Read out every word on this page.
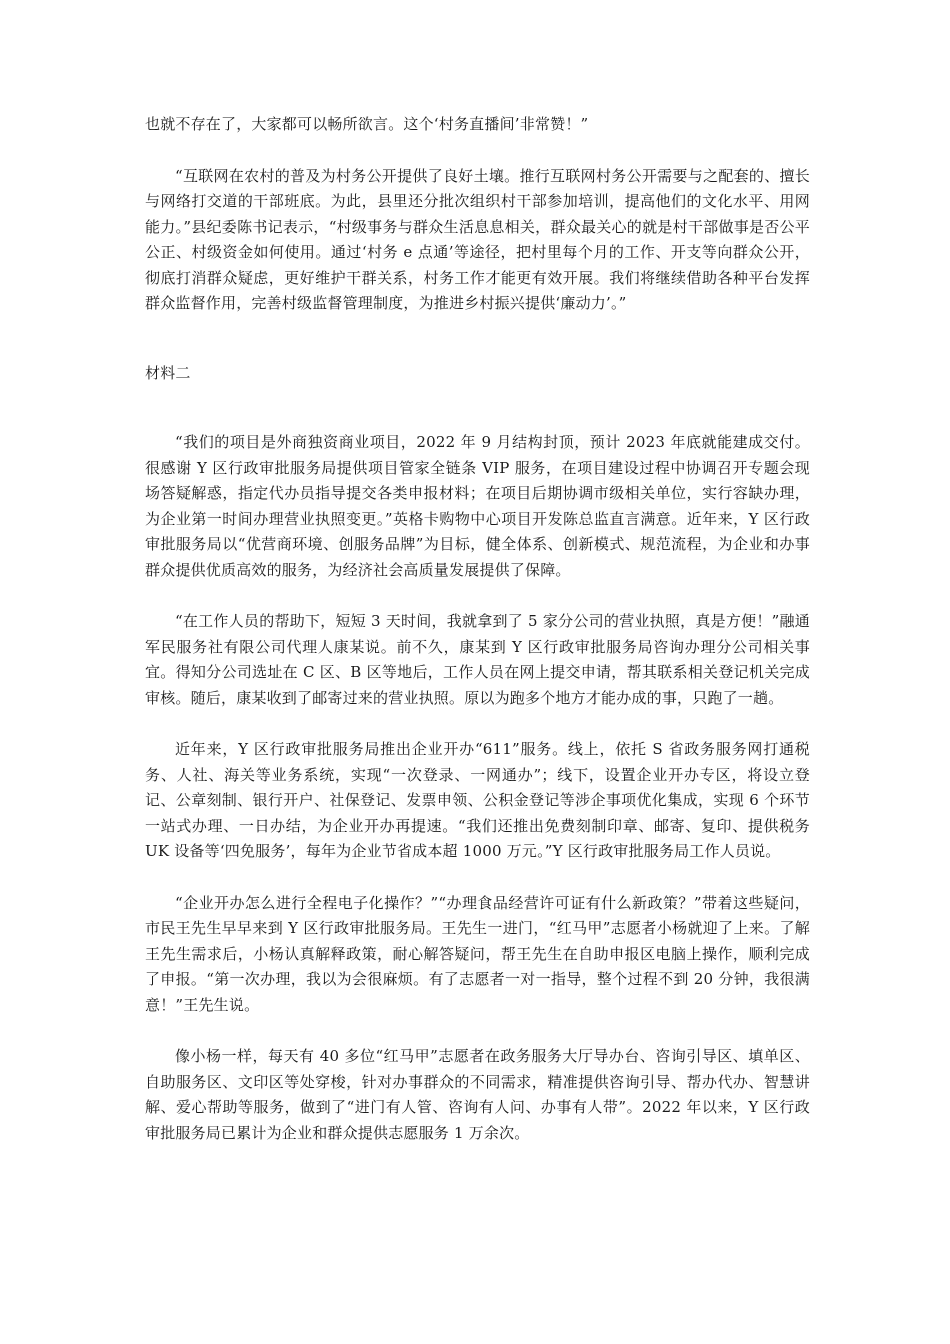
也就不存在了，大家都可以畅所欲言。这个‘村务直播间’非常赞！”

“互联网在农村的普及为村务公开提供了良好土壤。推行互联网村务公开需要与之配套的、擅长与网络打交道的干部班底。为此，县里还分批次组织村干部参加培训，提高他们的文化水平、用网能力。”县纪委陈书记表示，“村级事务与群众生活息息相关，群众最关心的就是村干部做事是否公平公正、村级资金如何使用。通过‘村务 e 点通’等途径，把村里每个月的工作、开支等向群众公开，彻底打消群众疑虑，更好维护干群关系，村务工作才能更有效开展。我们将继续借助各种平台发挥群众监督作用，完善村级监督管理制度，为推进乡村振兴提供‘廉动力’。”

材料二

“我们的项目是外商独资商业项目，2022 年 9 月结构封顶，预计 2023 年底就能建成交付。很感谢 Y 区行政审批服务局提供项目管家全链条 VIP 服务，在项目建设过程中协调召开专题会现场答疑解惑，指定代办员指导提交各类申报材料；在项目后期协调市级相关单位，实行容缺办理，为企业第一时间办理营业执照变更。”英格卡购物中心项目开发陈总监直言满意。近年来，Y 区行政审批服务局以“优营商环境、创服务品牌”为目标，健全体系、创新模式、规范流程，为企业和办事群众提供优质高效的服务，为经济社会高质量发展提供了保障。

“在工作人员的帮助下，短短 3 天时间，我就拿到了 5 家分公司的营业执照，真是方便！”融通军民服务社有限公司代理人康某说。前不久，康某到 Y 区行政审批服务局咨询办理分公司相关事宜。得知分公司选址在 C 区、B 区等地后，工作人员在网上提交申请，帮其联系相关登记机关完成审核。随后，康某收到了邮寄过来的营业执照。原以为跑多个地方才能办成的事，只跑了一趟。

近年来，Y 区行政审批服务局推出企业开办“611”服务。线上，依托 S 省政务服务网打通税务、人社、海关等业务系统，实现“一次登录、一网通办”；线下，设置企业开办专区，将设立登记、公章刻制、银行开户、社保登记、发票申领、公积金登记等涉企事项优化集成，实现 6 个环节一站式办理、一日办结，为企业开办再提速。“我们还推出免费刻制印章、邮寄、复印、提供税务 UK 设备等‘四免服务’，每年为企业节省成本超 1000 万元。”Y 区行政审批服务局工作人员说。

“企业开办怎么进行全程电子化操作？”“办理食品经营许可证有什么新政策？”带着这些疑问，市民王先生早早来到 Y 区行政审批服务局。王先生一进门，“红马甲”志愿者小杨就迎了上来。了解王先生需求后，小杨认真解释政策，耐心解答疑问，帮王先生在自助申报区电脑上操作，顺利完成了申报。“第一次办理，我以为会很麻烦。有了志愿者一对一指导，整个过程不到 20 分钟，我很满意！”王先生说。

像小杨一样，每天有 40 多位“红马甲”志愿者在政务服务大厅导办台、咨询引导区、填单区、自助服务区、文印区等处穿梭，针对办事群众的不同需求，精准提供咨询引导、帮办代办、智慧讲解、爱心帮助等服务，做到了“进门有人管、咨询有人问、办事有人带”。2022 年以来，Y 区行政审批服务局已累计为企业和群众提供志愿服务 1 万余次。
